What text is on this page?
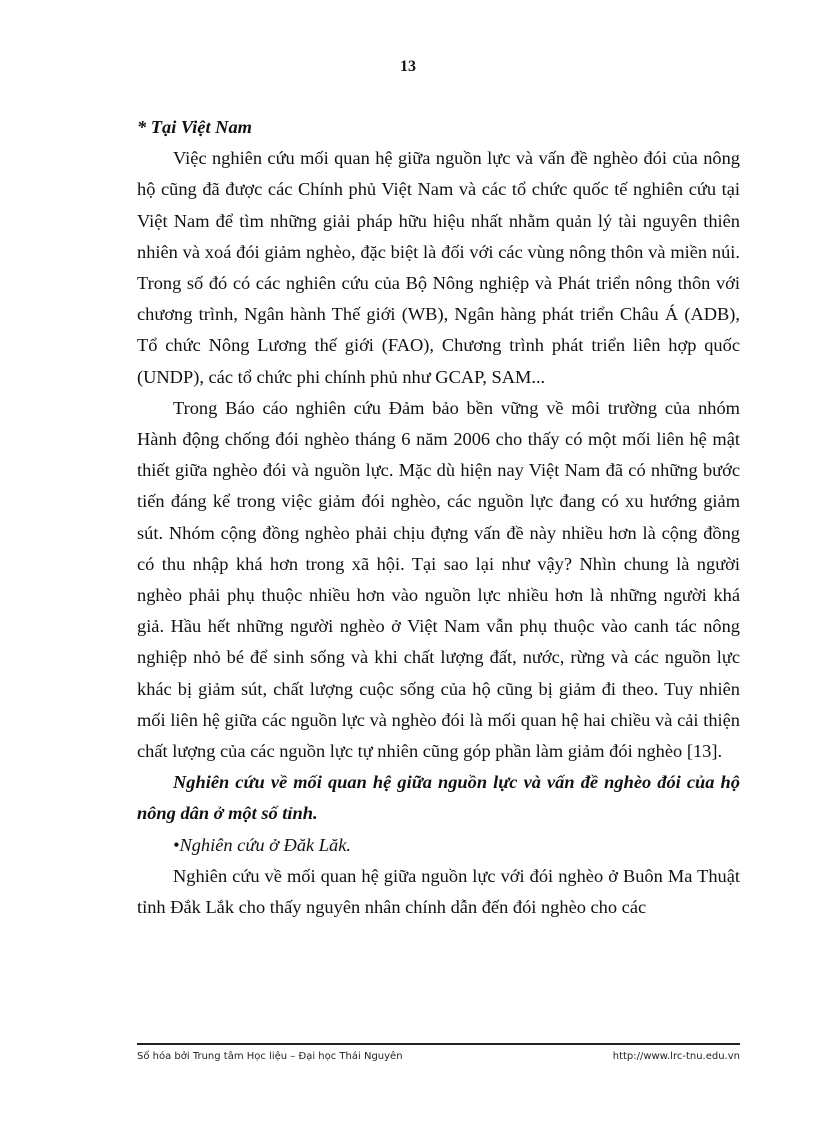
13

* Tại Việt Nam

Việc nghiên cứu mối quan hệ giữa nguồn lực và vấn đề nghèo đói của nông hộ cũng đã được các Chính phủ Việt Nam và các tổ chức quốc tế nghiên cứu tại Việt Nam để tìm những giải pháp hữu hiệu nhất nhằm quản lý tài nguyên thiên nhiên và xoá đói giảm nghèo, đặc biệt là đối với các vùng nông thôn và miền núi. Trong số đó có các nghiên cứu của Bộ Nông nghiệp và Phát triển nông thôn với chương trình, Ngân hành Thế giới (WB), Ngân hàng phát triển Châu Á (ADB), Tổ chức Nông Lương thế giới (FAO), Chương trình phát triển liên hợp quốc (UNDP), các tổ chức phi chính phủ như GCAP, SAM...

Trong Báo cáo nghiên cứu Đảm bảo bền vững về môi trường của nhóm Hành động chống đói nghèo tháng 6 năm 2006 cho thấy có một mối liên hệ mật thiết giữa nghèo đói và nguồn lực. Mặc dù hiện nay Việt Nam đã có những bước tiến đáng kể trong việc giảm đói nghèo, các nguồn lực đang có xu hướng giảm sút. Nhóm cộng đồng nghèo phải chịu đựng vấn đề này nhiều hơn là cộng đồng có thu nhập khá hơn trong xã hội. Tại sao lại như vậy? Nhìn chung là người nghèo phải phụ thuộc nhiều hơn vào nguồn lực nhiều hơn là những người khá giả. Hầu hết những người nghèo ở Việt Nam vẫn phụ thuộc vào canh tác nông nghiệp nhỏ bé để sinh sống và khi chất lượng đất, nước, rừng và các nguồn lực khác bị giảm sút, chất lượng cuộc sống của hộ cũng bị giảm đi theo. Tuy nhiên mối liên hệ giữa các nguồn lực và nghèo đói là mối quan hệ hai chiều và cải thiện chất lượng của các nguồn lực tự nhiên cũng góp phần làm giảm đói nghèo [13].

Nghiên cứu về mối quan hệ giữa nguồn lực và vấn đề nghèo đói của hộ nông dân ở một số tỉnh.

•Nghiên cứu ở Đăk Lăk.

Nghiên cứu về mối quan hệ giữa nguồn lực với đói nghèo ở Buôn Ma Thuật tỉnh Đắk Lắk cho thấy nguyên nhân chính dẫn đến đói nghèo cho các

Số hóa bởi Trung tâm Học liệu – Đại học Thái Nguyên	http://www.lrc-tnu.edu.vn
